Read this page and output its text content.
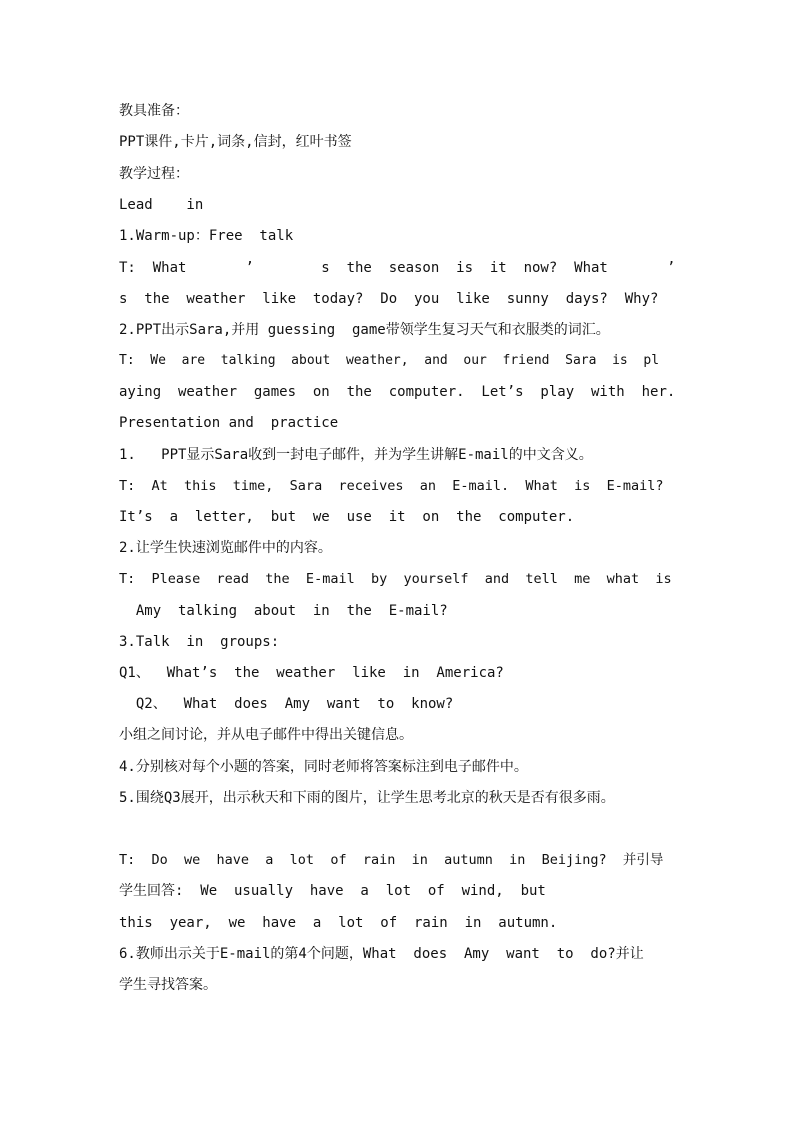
教具准备：
PPT课件,卡片,词条,信封，红叶书签
教学过程：
Lead    in
1.Warm-up：Free  talk
T:  What       ’        s  the  season  is  it  now?  What       ’
s  the  weather  like  today?  Do  you  like  sunny  days?  Why?
2.PPT出示Sara,并用 guessing  game带领学生复习天气和衣服类的词汇。
T:  We  are  talking  about  weather,  and  our  friend  Sara  is  pl
aying  weather  games  on  the  computer.  Let’s  play  with  her.
Presentation and  practice
1.   PPT显示Sara收到一封电子邮件，并为学生讲解E-mail的中文含义。
T:  At  this  time,  Sara  receives  an  E-mail.  What  is  E-mail?
It’s  a  letter,  but  we  use  it  on  the  computer.
2.让学生快速浏览邮件中的内容。
T:  Please  read  the  E-mail  by  yourself  and  tell  me  what  is
Amy  talking  about  in  the  E-mail?
3.Talk  in  groups:
Q1、  What’s  the  weather  like  in  America?
Q2、  What  does  Amy  want  to  know?
小组之间讨论，并从电子邮件中得出关键信息。
4.分别核对每个小题的答案，同时老师将答案标注到电子邮件中。
5.围绕Q3展开，出示秋天和下雨的图片，让学生思考北京的秋天是否有很多雨。
T:  Do  we  have  a  lot  of  rain  in  autumn  in  Beijing?  并引导
学生回答:  We  usually  have  a  lot  of  wind,  but
this  year,  we  have  a  lot  of  rain  in  autumn.
6.教师出示关于E-mail的第4个问题，What  does  Amy  want  to  do?并让
学生寻找答案。
